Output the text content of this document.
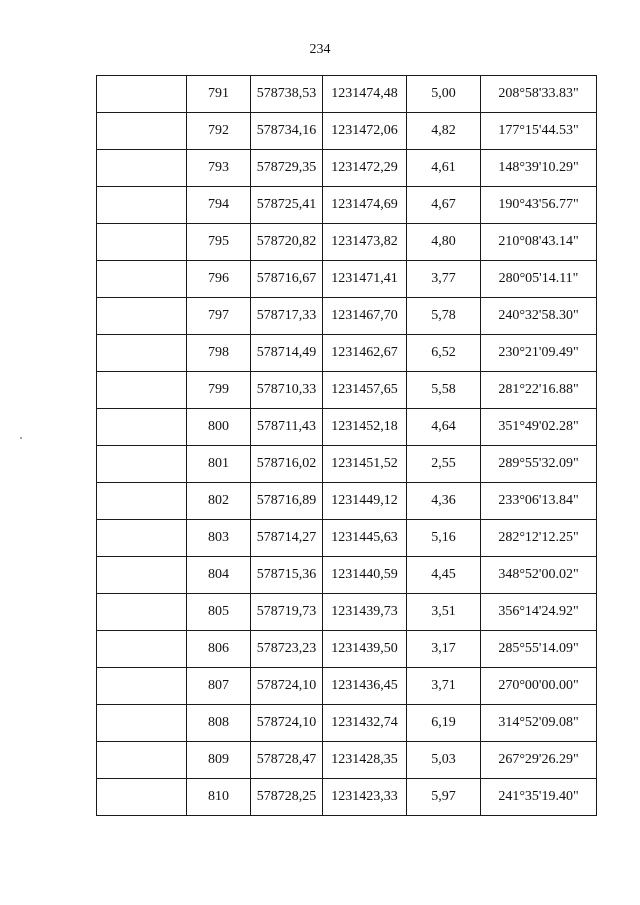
234
	791	578738,53	1231474,48	5,00	208°58'33.83"
	792	578734,16	1231472,06	4,82	177°15'44.53"
	793	578729,35	1231472,29	4,61	148°39'10.29"
	794	578725,41	1231474,69	4,67	190°43'56.77"
	795	578720,82	1231473,82	4,80	210°08'43.14"
	796	578716,67	1231471,41	3,77	280°05'14.11"
	797	578717,33	1231467,70	5,78	240°32'58.30"
	798	578714,49	1231462,67	6,52	230°21'09.49"
	799	578710,33	1231457,65	5,58	281°22'16.88"
	800	578711,43	1231452,18	4,64	351°49'02.28"
	801	578716,02	1231451,52	2,55	289°55'32.09"
	802	578716,89	1231449,12	4,36	233°06'13.84"
	803	578714,27	1231445,63	5,16	282°12'12.25"
	804	578715,36	1231440,59	4,45	348°52'00.02"
	805	578719,73	1231439,73	3,51	356°14'24.92"
	806	578723,23	1231439,50	3,17	285°55'14.09"
	807	578724,10	1231436,45	3,71	270°00'00.00"
	808	578724,10	1231432,74	6,19	314°52'09.08"
	809	578728,47	1231428,35	5,03	267°29'26.29"
	810	578728,25	1231423,33	5,97	241°35'19.40"
